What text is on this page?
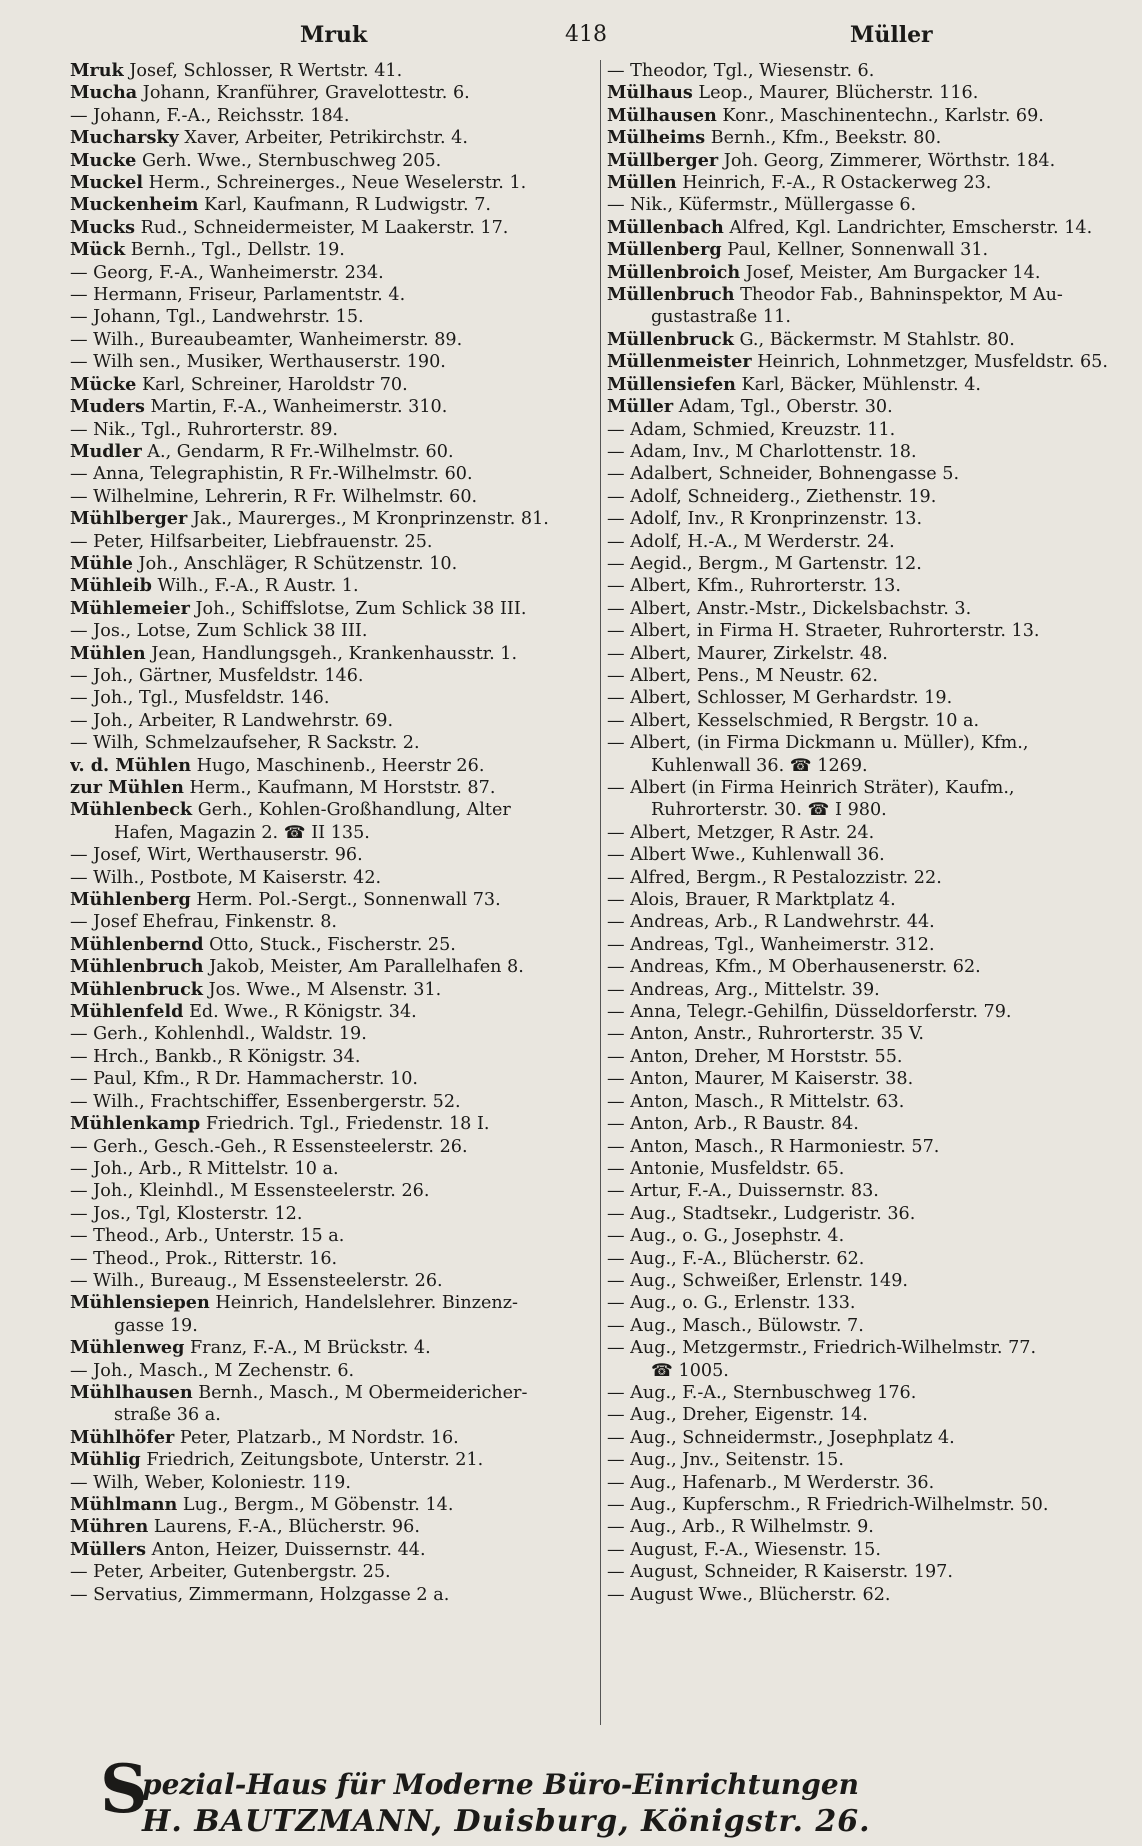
Mruk	418	Müller
Mruk Josef, Schlosser, R Wertstr. 41.
Mucha Johann, Kranführer, Gravelottestr. 6.
— Johann, F.-A., Reichsstr. 184.
Mucharsky Xaver, Arbeiter, Petrikirchstr. 4.
Mucke Gerh. Wwe., Sternbuschweg 205.
Muckel Herm., Schreinerges., Neue Weselerstr. 1.
Muckenheim Karl, Kaufmann, R Ludwigstr. 7.
Mucks Rud., Schneidermeister, M Laakerstr. 17.
Mück Bernh., Tgl., Dellstr. 19.
— Georg, F.-A., Wanheimerstr. 234.
— Hermann, Friseur, Parlamentstr. 4.
— Johann, Tgl., Landwehrstr. 15.
— Wilh., Bureaubeamter, Wanheimerstr. 89.
— Wilh sen., Musiker, Werthauserstr. 190.
Mücke Karl, Schreiner, Haroldstr 70.
Muders Martin, F.-A., Wanheimerstr. 310.
— Nik., Tgl., Ruhrorterstr. 89.
Mudler A., Gendarm, R Fr.-Wilhelmstr. 60.
— Anna, Telegraphistin, R Fr.-Wilhelmstr. 60.
— Wilhelmine, Lehrerin, R Fr. Wilhelmstr. 60.
Mühlberger Jak., Maurerges., M Kronprinzenstr. 81.
— Peter, Hilfsarbeiter, Liebfrauenstr. 25.
Mühle Joh., Anschläger, R Schützenstr. 10.
Mühleib Wilh., F.-A., R Austr. 1.
Mühlemeier Joh., Schiffslotse, Zum Schlick 38 III.
— Jos., Lotse, Zum Schlick 38 III.
Mühlen Jean, Handlungsgeh., Krankenhausstr. 1.
— Joh., Gärtner, Musfeldstr. 146.
— Joh., Tgl., Musfeldstr. 146.
— Joh., Arbeiter, R Landwehrstr. 69.
— Wilh, Schmelzaufseher, R Sackstr. 2.
v. d. Mühlen Hugo, Maschinenb., Heerstr 26.
zur Mühlen Herm., Kaufmann, M Horststr. 87.
Mühlenbeck Gerh., Kohlen-Großhandlung, Alter
Hafen, Magazin 2. ☎ II 135.
— Josef, Wirt, Werthauserstr. 96.
— Wilh., Postbote, M Kaiserstr. 42.
Mühlenberg Herm. Pol.-Sergt., Sonnenwall 73.
— Josef Ehefrau, Finkenstr. 8.
Mühlenbernd Otto, Stuck., Fischerstr. 25.
Mühlenbruch Jakob, Meister, Am Parallelhafen 8.
Mühlenbruck Jos. Wwe., M Alsenstr. 31.
Mühlenfeld Ed. Wwe., R Königstr. 34.
— Gerh., Kohlenhdl., Waldstr. 19.
— Hrch., Bankb., R Königstr. 34.
— Paul, Kfm., R Dr. Hammacherstr. 10.
— Wilh., Frachtschiffer, Essenbergerstr. 52.
Mühlenkamp Friedrich. Tgl., Friedenstr. 18 I.
— Gerh., Gesch.-Geh., R Essensteelerstr. 26.
— Joh., Arb., R Mittelstr. 10 a.
— Joh., Kleinhdl., M Essensteelerstr. 26.
— Jos., Tgl, Klosterstr. 12.
— Theod., Arb., Unterstr. 15 a.
— Theod., Prok., Ritterstr. 16.
— Wilh., Bureaug., M Essensteelerstr. 26.
Mühlensiepen Heinrich, Handelslehrer. Binzenz-
gasse 19.
Mühlenweg Franz, F.-A., M Brückstr. 4.
— Joh., Masch., M Zechenstr. 6.
Mühlhausen Bernh., Masch., M Obermeidericher-
straße 36 a.
Mühlhöfer Peter, Platzarb., M Nordstr. 16.
Mühlig Friedrich, Zeitungsbote, Unterstr. 21.
— Wilh, Weber, Koloniestr. 119.
Mühlmann Lug., Bergm., M Göbenstr. 14.
Mühren Laurens, F.-A., Blücherstr. 96.
Müllers Anton, Heizer, Duissernstr. 44.
— Peter, Arbeiter, Gutenbergstr. 25.
— Servatius, Zimmermann, Holzgasse 2 a.
— Theodor, Tgl., Wiesenstr. 6.
Mülhaus Leop., Maurer, Blücherstr. 116.
Mülhausen Konr., Maschinentechn., Karlstr. 69.
Mülheims Bernh., Kfm., Beekstr. 80.
Müllberger Joh. Georg, Zimmerer, Wörthstr. 184.
Müllen Heinrich, F.-A., R Ostackerweg 23.
— Nik., Küfermstr., Müllergasse 6.
Müllenbach Alfred, Kgl. Landrichter, Emscherstr. 14.
Müllenberg Paul, Kellner, Sonnenwall 31.
Müllenbroich Josef, Meister, Am Burgacker 14.
Müllenbruch Theodor Fab., Bahninspektor, M Au-
gustastraße 11.
Müllenbruck G., Bäckermstr. M Stahlstr. 80.
Müllenmeister Heinrich, Lohnmetzger, Musfeldstr. 65.
Müllensiefen Karl, Bäcker, Mühlenstr. 4.
Müller Adam, Tgl., Oberstr. 30.
— Adam, Schmied, Kreuzstr. 11.
— Adam, Inv., M Charlottenstr. 18.
— Adalbert, Schneider, Bohnengasse 5.
— Adolf, Schneiderg., Ziethenstr. 19.
— Adolf, Inv., R Kronprinzenstr. 13.
— Adolf, H.-A., M Werderstr. 24.
— Aegid., Bergm., M Gartenstr. 12.
— Albert, Kfm., Ruhrorterstr. 13.
— Albert, Anstr.-Mstr., Dickelsbachstr. 3.
— Albert, in Firma H. Straeter, Ruhrorterstr. 13.
— Albert, Maurer, Zirkelstr. 48.
— Albert, Pens., M Neustr. 62.
— Albert, Schlosser, M Gerhardstr. 19.
— Albert, Kesselschmied, R Bergstr. 10 a.
— Albert, (in Firma Dickmann u. Müller), Kfm.,
Kuhlenwall 36. ☎ 1269.
— Albert (in Firma Heinrich Sträter), Kaufm.,
Ruhrorterstr. 30. ☎ I 980.
— Albert, Metzger, R Astr. 24.
— Albert Wwe., Kuhlenwall 36.
— Alfred, Bergm., R Pestalozzistr. 22.
— Alois, Brauer, R Marktplatz 4.
— Andreas, Arb., R Landwehrstr. 44.
— Andreas, Tgl., Wanheimerstr. 312.
— Andreas, Kfm., M Oberhausenerstr. 62.
— Andreas, Arg., Mittelstr. 39.
— Anna, Telegr.-Gehilfin, Düsseldorferstr. 79.
— Anton, Anstr., Ruhrorterstr. 35 V.
— Anton, Dreher, M Horststr. 55.
— Anton, Maurer, M Kaiserstr. 38.
— Anton, Masch., R Mittelstr. 63.
— Anton, Arb., R Baustr. 84.
— Anton, Masch., R Harmoniestr. 57.
— Antonie, Musfeldstr. 65.
— Artur, F.-A., Duissernstr. 83.
— Aug., Stadtsekr., Ludgeristr. 36.
— Aug., o. G., Josephstr. 4.
— Aug., F.-A., Blücherstr. 62.
— Aug., Schweißer, Erlenstr. 149.
— Aug., o. G., Erlenstr. 133.
— Aug., Masch., Bülowstr. 7.
— Aug., Metzgermstr., Friedrich-Wilhelmstr. 77.
☎ 1005.
— Aug., F.-A., Sternbuschweg 176.
— Aug., Dreher, Eigenstr. 14.
— Aug., Schneidermstr., Josephplatz 4.
— Aug., Jnv., Seitenstr. 15.
— Aug., Hafenarb., M Werderstr. 36.
— Aug., Kupferschm., R Friedrich-Wilhelmstr. 50.
— Aug., Arb., R Wilhelmstr. 9.
— August, F.-A., Wiesenstr. 15.
— August, Schneider, R Kaiserstr. 197.
— August Wwe., Blücherstr. 62.
S
pezial-Haus für Moderne Büro-Einrichtungen
H. BAUTZMANN, Duisburg, Königstr. 26.
